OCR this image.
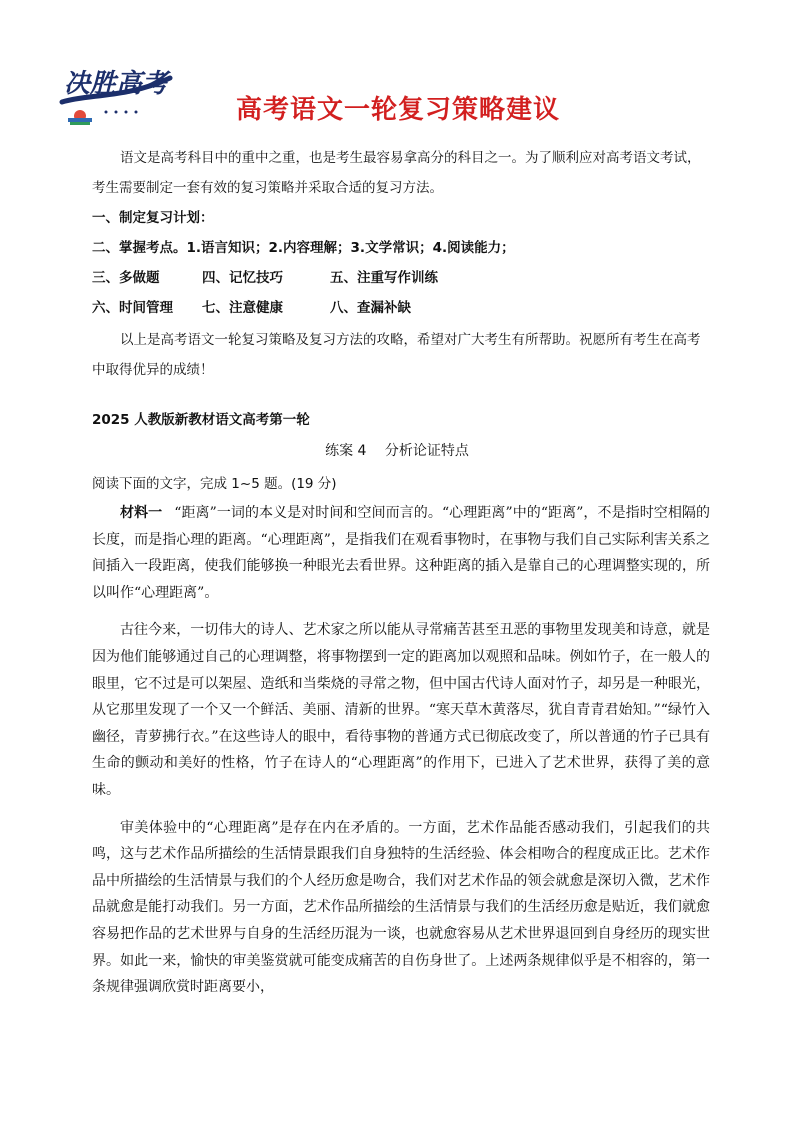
决胜高考
高考语文一轮复习策略建议

语文是高考科目中的重中之重，也是考生最容易拿高分的科目之一。为了顺利应对高考语文考试，考生需要制定一套有效的复习策略并采取合适的复习方法。

一、制定复习计划：

二、掌握考点。1.语言知识；2.内容理解；3.文学常识；4.阅读能力；

三、多做题	四、记忆技巧	五、注重写作训练

六、时间管理 七、注意健康	八、查漏补缺

以上是高考语文一轮复习策略及复习方法的攻略，希望对广大考生有所帮助。祝愿所有考生在高考中取得优异的成绩！

2025 人教版新教材语文高考第一轮
练案 4　 分析论证特点
阅读下面的文字，完成 1~5 题。(19 分)

材料一 “距离”一词的本义是对时间和空间而言的。“心理距离”中的“距离”，不是指时空相隔的长度，而是指心理的距离。“心理距离”，是指我们在观看事物时，在事物与我们自己实际利害关系之间插入一段距离，使我们能够换一种眼光去看世界。这种距离的插入是靠自己的心理调整实现的，所以叫作“心理距离”。

古往今来，一切伟大的诗人、艺术家之所以能从寻常痛苦甚至丑恶的事物里发现美和诗意，就是因为他们能够通过自己的心理调整，将事物摆到一定的距离加以观照和品味。例如竹子，在一般人的眼里，它不过是可以架屋、造纸和当柴烧的寻常之物，但中国古代诗人面对竹子，却另是一种眼光，从它那里发现了一个又一个鲜活、美丽、清新的世界。“寒天草木黄落尽，犹自青青君始知。”“绿竹入幽径，青萝拂行衣。”在这些诗人的眼中，看待事物的普通方式已彻底改变了，所以普通的竹子已具有生命的颤动和美好的性格，竹子在诗人的“心理距离”的作用下，已进入了艺术世界，获得了美的意味。

审美体验中的“心理距离”是存在内在矛盾的。一方面，艺术作品能否感动我们，引起我们的共鸣，这与艺术作品所描绘的生活情景跟我们自身独特的生活经验、体会相吻合的程度成正比。艺术作品中所描绘的生活情景与我们的个人经历愈是吻合，我们对艺术作品的领会就愈是深切入微，艺术作品就愈是能打动我们。另一方面，艺术作品所描绘的生活情景与我们的生活经历愈是贴近，我们就愈容易把作品的艺术世界与自身的生活经历混为一谈，也就愈容易从艺术世界退回到自身经历的现实世界。如此一来，愉快的审美鉴赏就可能变成痛苦的自伤身世了。上述两条规律似乎是不相容的，第一条规律强调欣赏时距离要小，
